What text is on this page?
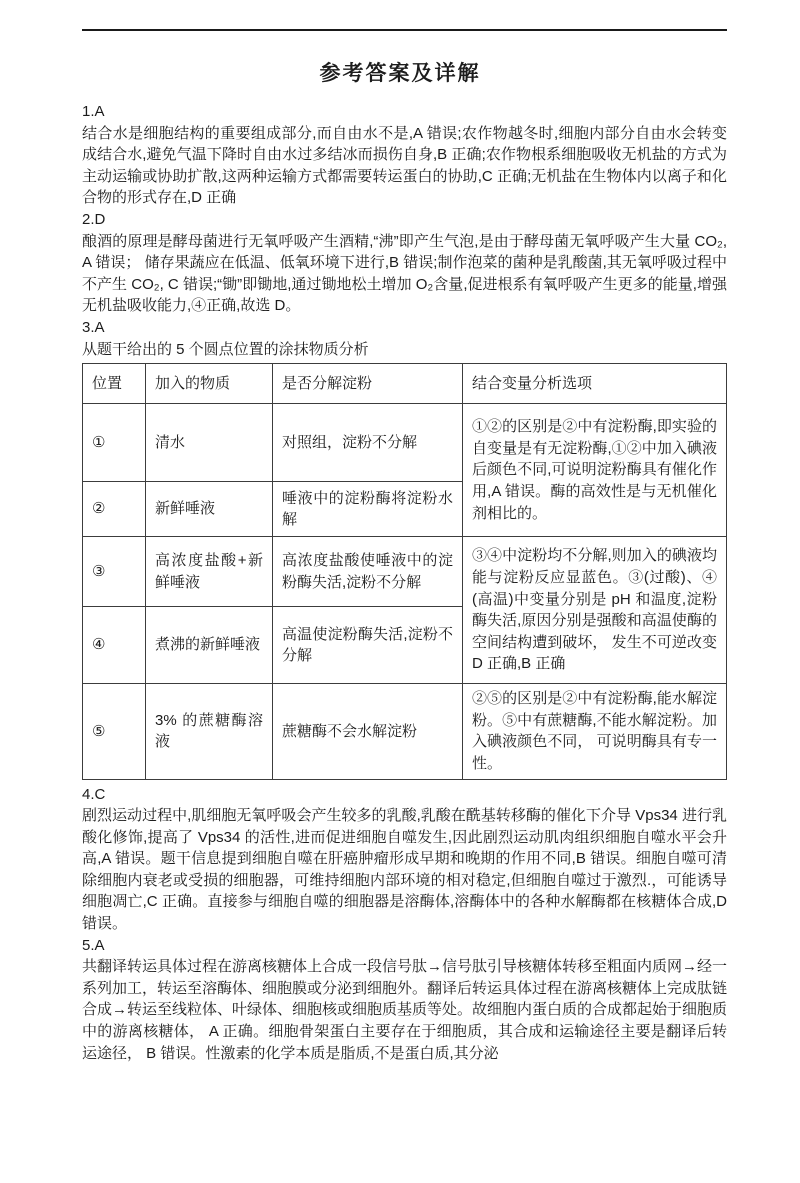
参考答案及详解

1.A

结合水是细胞结构的重要组成部分,而自由水不是,A 错误;农作物越冬时,细胞内部分自由水会转变成结合水,避免气温下降时自由水过多结冰而损伤自身,B 正确;农作物根系细胞吸收无机盐的方式为主动运输或协助扩散,这两种运输方式都需要转运蛋白的协助,C 正确;无机盐在生物体内以离子和化合物的形式存在,D 正确

2.D

酿酒的原理是酵母菌进行无氧呼吸产生酒精,“沸”即产生气泡,是由于酵母菌无氧呼吸产生大量 CO₂, A 错误； 储存果蔬应在低温、低氧环境下进行,B 错误;制作泡菜的菌种是乳酸菌,其无氧呼吸过程中不产生 CO₂, C 错误;“锄”即锄地,通过锄地松土增加 O₂含量,促进根系有氧呼吸产生更多的能量,增强无机盐吸收能力,④正确,故选 D。

3.A

从题干给出的 5 个圆点位置的涂抹物质分析

位置	加入的物质	是否分解淀粉	结合变量分析选项
①	清水	对照组，淀粉不分解	①②的区别是②中有淀粉酶,即实验的自变量是有无淀粉酶,①②中加入碘液后颜色不同,可说明淀粉酶具有催化作用,A 错误。酶的高效性是与无机催化剂相比的。
②	新鲜唾液	唾液中的淀粉酶将淀粉水解	
③	高浓度盐酸+新鲜唾液	高浓度盐酸使唾液中的淀粉酶失活,淀粉不分解	③④中淀粉均不分解,则加入的碘液均能与淀粉反应显蓝色。③(过酸)、④(高温)中变量分别是 pH 和温度,淀粉酶失活,原因分别是强酸和高温使酶的空间结构遭到破坏， 发生不可逆改变 D 正确,B 正确
④	煮沸的新鲜唾液	高温使淀粉酶失活,淀粉不分解	
⑤	3% 的蔗糖酶溶液	蔗糖酶不会水解淀粉	②⑤的区别是②中有淀粉酶,能水解淀粉。⑤中有蔗糖酶,不能水解淀粉。加入碘液颜色不同， 可说明酶具有专一性。

4.C

剧烈运动过程中,肌细胞无氧呼吸会产生较多的乳酸,乳酸在酰基转移酶的催化下介导 Vps34 进行乳酸化修饰,提高了 Vps34 的活性,进而促进细胞自噬发生,因此剧烈运动肌肉组织细胞自噬水平会升高,A 错误。题干信息提到细胞自噬在肝癌肿瘤形成早期和晚期的作用不同,B 错误。细胞自噬可清除细胞内衰老或受损的细胞器，可维持细胞内部环境的相对稳定,但细胞自噬过于激烈.，可能诱导细胞凋亡,C 正确。直接参与细胞自噬的细胞器是溶酶体,溶酶体中的各种水解酶都在核糖体合成,D 错误。

5.A

共翻译转运具体过程在游离核糖体上合成一段信号肽→信号肽引导核糖体转移至粗面内质网→经一系列加工，转运至溶酶体、细胞膜或分泌到细胞外。翻译后转运具体过程在游离核糖体上完成肽链合成→转运至线粒体、叶绿体、细胞核或细胞质基质等处。故细胞内蛋白质的合成都起始于细胞质中的游离核糖体， A 正确。细胞骨架蛋白主要存在于细胞质，其合成和运输途径主要是翻译后转运途径， B 错误。性激素的化学本质是脂质,不是蛋白质,其分泌
